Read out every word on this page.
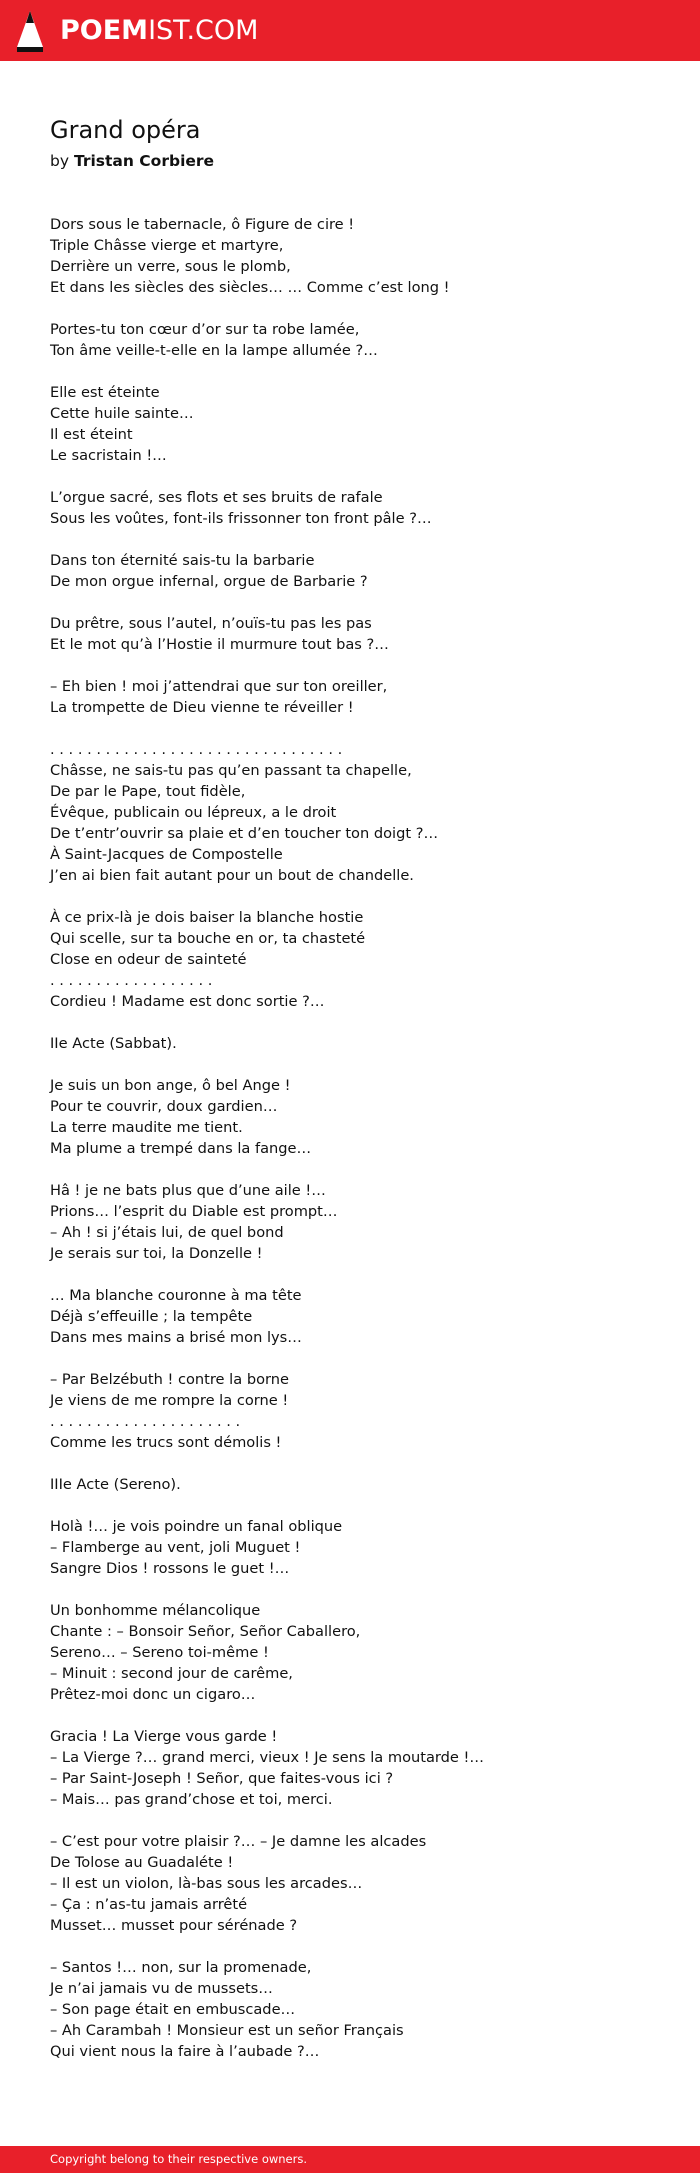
POEMIST.COM
Grand opéra

by Tristan Corbiere

Dors sous le tabernacle, ô Figure de cire !
Triple Châsse vierge et martyre,
Derrière un verre, sous le plomb,
Et dans les siècles des siècles… … Comme c’est long !

Portes-tu ton cœur d’or sur ta robe lamée,
Ton âme veille-t-elle en la lampe allumée ?…

Elle est éteinte
Cette huile sainte…
Il est éteint
Le sacristain !…

L’orgue sacré, ses flots et ses bruits de rafale
Sous les voûtes, font-ils frissonner ton front pâle ?…

Dans ton éternité sais-tu la barbarie
De mon orgue infernal, orgue de Barbarie ?

Du prêtre, sous l’autel, n’ouïs-tu pas les pas
Et le mot qu’à l’Hostie il murmure tout bas ?…

– Eh bien ! moi j’attendrai que sur ton oreiller,
La trompette de Dieu vienne te réveiller !

. . . . . . . . . . . . . . . . . . . . . . . . . . . . . . . .
Châsse, ne sais-tu pas qu’en passant ta chapelle,
De par le Pape, tout fidèle,
Évêque, publicain ou lépreux, a le droit
De t’entr’ouvrir sa plaie et d’en toucher ton doigt ?…
À Saint-Jacques de Compostelle
J’en ai bien fait autant pour un bout de chandelle.

À ce prix-là je dois baiser la blanche hostie
Qui scelle, sur ta bouche en or, ta chasteté
Close en odeur de sainteté
. . . . . . . . . . . . . . . . . .
Cordieu ! Madame est donc sortie ?…

IIe Acte (Sabbat).

Je suis un bon ange, ô bel Ange !
Pour te couvrir, doux gardien…
La terre maudite me tient.
Ma plume a trempé dans la fange…

Hâ ! je ne bats plus que d’une aile !…
Prions… l’esprit du Diable est prompt…
– Ah ! si j’étais lui, de quel bond
Je serais sur toi, la Donzelle !

… Ma blanche couronne à ma tête
Déjà s’effeuille ; la tempête
Dans mes mains a brisé mon lys…

– Par Belzébuth ! contre la borne
Je viens de me rompre la corne !
. . . . . . . . . . . . . . . . . . . . .
Comme les trucs sont démolis !

IIIe Acte (Sereno).

Holà !… je vois poindre un fanal oblique
– Flamberge au vent, joli Muguet !
Sangre Dios ! rossons le guet !…

Un bonhomme mélancolique
Chante : – Bonsoir Señor, Señor Caballero,
Sereno… – Sereno toi-même !
– Minuit : second jour de carême,
Prêtez-moi donc un cigaro…

Gracia ! La Vierge vous garde !
– La Vierge ?… grand merci, vieux ! Je sens la moutarde !…
– Par Saint-Joseph ! Señor, que faites-vous ici ?
– Mais… pas grand’chose et toi, merci.

– C’est pour votre plaisir ?… – Je damne les alcades
De Tolose au Guadaléte !
– Il est un violon, là-bas sous les arcades…
– Ça : n’as-tu jamais arrêté
Musset… musset pour sérénade ?

– Santos !… non, sur la promenade,
Je n’ai jamais vu de mussets…
– Son page était en embuscade…
– Ah Carambah ! Monsieur est un señor Français
Qui vient nous la faire à l’aubade ?…

Copyright belong to their respective owners.
